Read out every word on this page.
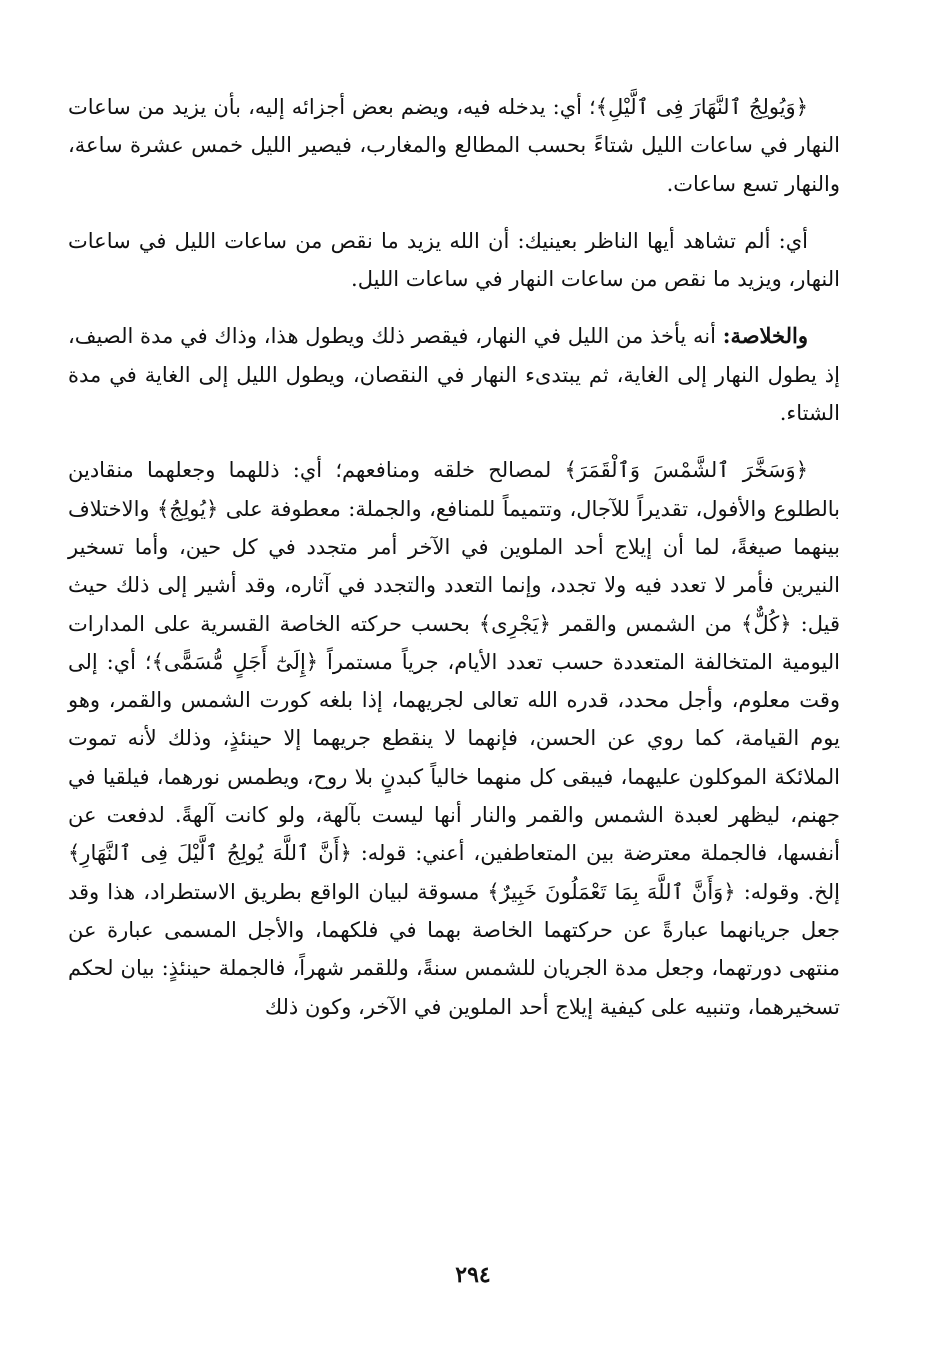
﴿وَيُولِجُ ٱلنَّهَارَ فِى ٱلَّيْلِ﴾؛ أي: يدخله فيه، ويضم بعض أجزائه إليه، بأن يزيد من ساعات النهار في ساعات الليل شتاءً بحسب المطالع والمغارب، فيصير الليل خمس عشرة ساعة، والنهار تسع ساعات.

أي: ألم تشاهد أيها الناظر بعينيك: أن الله يزيد ما نقص من ساعات الليل في ساعات النهار، ويزيد ما نقص من ساعات النهار في ساعات الليل.

والخلاصة: أنه يأخذ من الليل في النهار، فيقصر ذلك ويطول هذا، وذاك في مدة الصيف، إذ يطول النهار إلى الغاية، ثم يبتدىء النهار في النقصان، ويطول الليل إلى الغاية في مدة الشتاء.

﴿وَسَخَّرَ ٱلشَّمْسَ وَٱلْقَمَرَ﴾ لمصالح خلقه ومنافعهم؛ أي: ذللهما وجعلهما منقادين بالطلوع والأفول، تقديراً للآجال، وتتميماً للمنافع، والجملة: معطوفة على ﴿يُولِجُ﴾ والاختلاف بينهما صيغةً، لما أن إيلاج أحد الملوين في الآخر أمر متجدد في كل حين، وأما تسخير النيرين فأمر لا تعدد فيه ولا تجدد، وإنما التعدد والتجدد في آثاره، وقد أشير إلى ذلك حيث قيل: ﴿كُلٌّ﴾ من الشمس والقمر ﴿يَجْرِى﴾ بحسب حركته الخاصة القسرية على المدارات اليومية المتخالفة المتعددة حسب تعدد الأيام، جرياً مستمراً ﴿إِلَىٰٓ أَجَلٍ مُّسَمًّى﴾؛ أي: إلى وقت معلوم، وأجل محدد، قدره الله تعالى لجريهما، إذا بلغه كورت الشمس والقمر، وهو يوم القيامة، كما روي عن الحسن، فإنهما لا ينقطع جريهما إلا حينئذٍ، وذلك لأنه تموت الملائكة الموكلون عليهما، فيبقى كل منهما خالياً كبدنٍ بلا روح، ويطمس نورهما، فيلقيا في جهنم، ليظهر لعبدة الشمس والقمر والنار أنها ليست بآلهة، ولو كانت آلهةً. لدفعت عن أنفسها، فالجملة معترضة بين المتعاطفين، أعني: قوله: ﴿أَنَّ ٱللَّهَ يُولِجُ ٱلَّيْلَ فِى ٱلنَّهَارِ﴾ إلخ. وقوله: ﴿وَأَنَّ ٱللَّهَ بِمَا تَعْمَلُونَ خَبِيرٌ﴾ مسوقة لبيان الواقع بطريق الاستطراد، هذا وقد جعل جريانهما عبارةً عن حركتهما الخاصة بهما في فلكهما، والأجل المسمى عبارة عن منتهى دورتهما، وجعل مدة الجريان للشمس سنةً، وللقمر شهراً، فالجملة حينئذٍ: بيان لحكم تسخيرهما، وتنبيه على كيفية إيلاج أحد الملوين في الآخر، وكون ذلك

٢٩٤
